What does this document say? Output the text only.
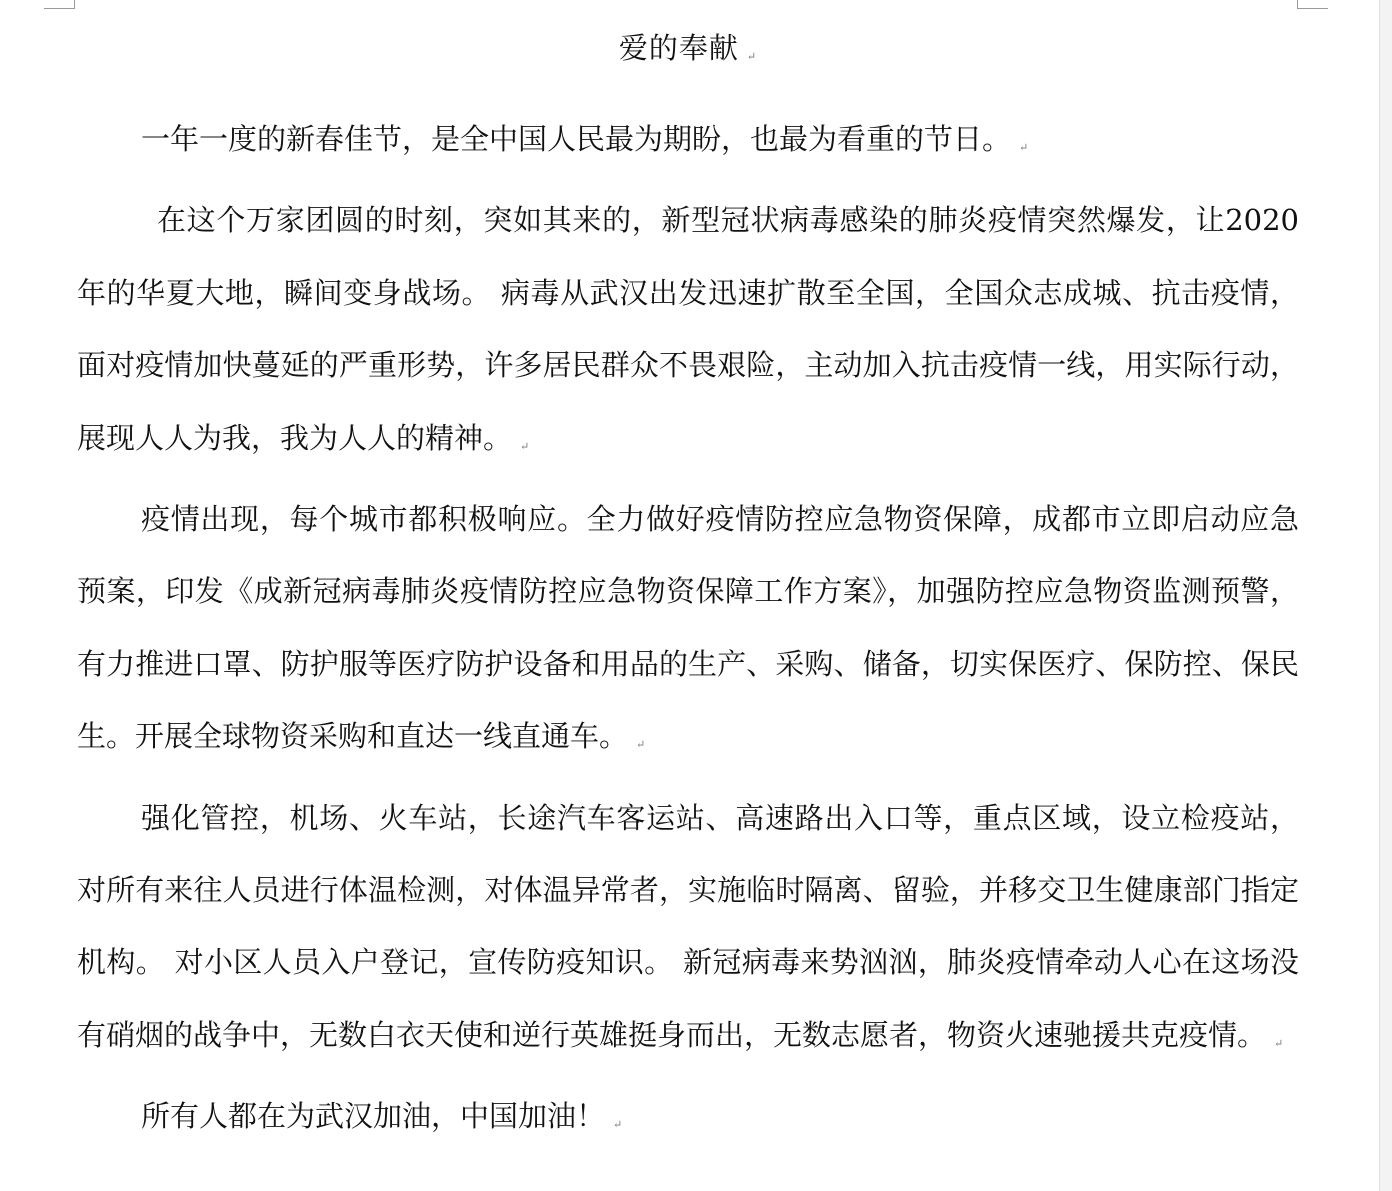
爱的奉献 ↵

一年一度的新春佳节，是全中国人民最为期盼，也最为看重的节日。 ↵

在这个万家团圆的时刻，突如其来的，新型冠状病毒感染的肺炎疫情突然爆发，让2020年的华夏大地，瞬间变身战场。 病毒从武汉出发迅速扩散至全国，全国众志成城、抗击疫情，面对疫情加快蔓延的严重形势，许多居民群众不畏艰险，主动加入抗击疫情一线，用实际行动，展现人人为我，我为人人的精神。 ↵

疫情出现，每个城市都积极响应。全力做好疫情防控应急物资保障，成都市立即启动应急预案，印发《成新冠病毒肺炎疫情防控应急物资保障工作方案》，加强防控应急物资监测预警，有力推进口罩、防护服等医疗防护设备和用品的生产、采购、储备，切实保医疗、保防控、保民生。开展全球物资采购和直达一线直通车。 ↵

强化管控，机场、火车站，长途汽车客运站、高速路出入口等，重点区域，设立检疫站，对所有来往人员进行体温检测，对体温异常者，实施临时隔离、留验，并移交卫生健康部门指定机构。 对小区人员入户登记，宣传防疫知识。 新冠病毒来势汹汹，肺炎疫情牵动人心在这场没有硝烟的战争中，无数白衣天使和逆行英雄挺身而出，无数志愿者，物资火速驰援共克疫情。 ↵

所有人都在为武汉加油，中国加油！ ↵
